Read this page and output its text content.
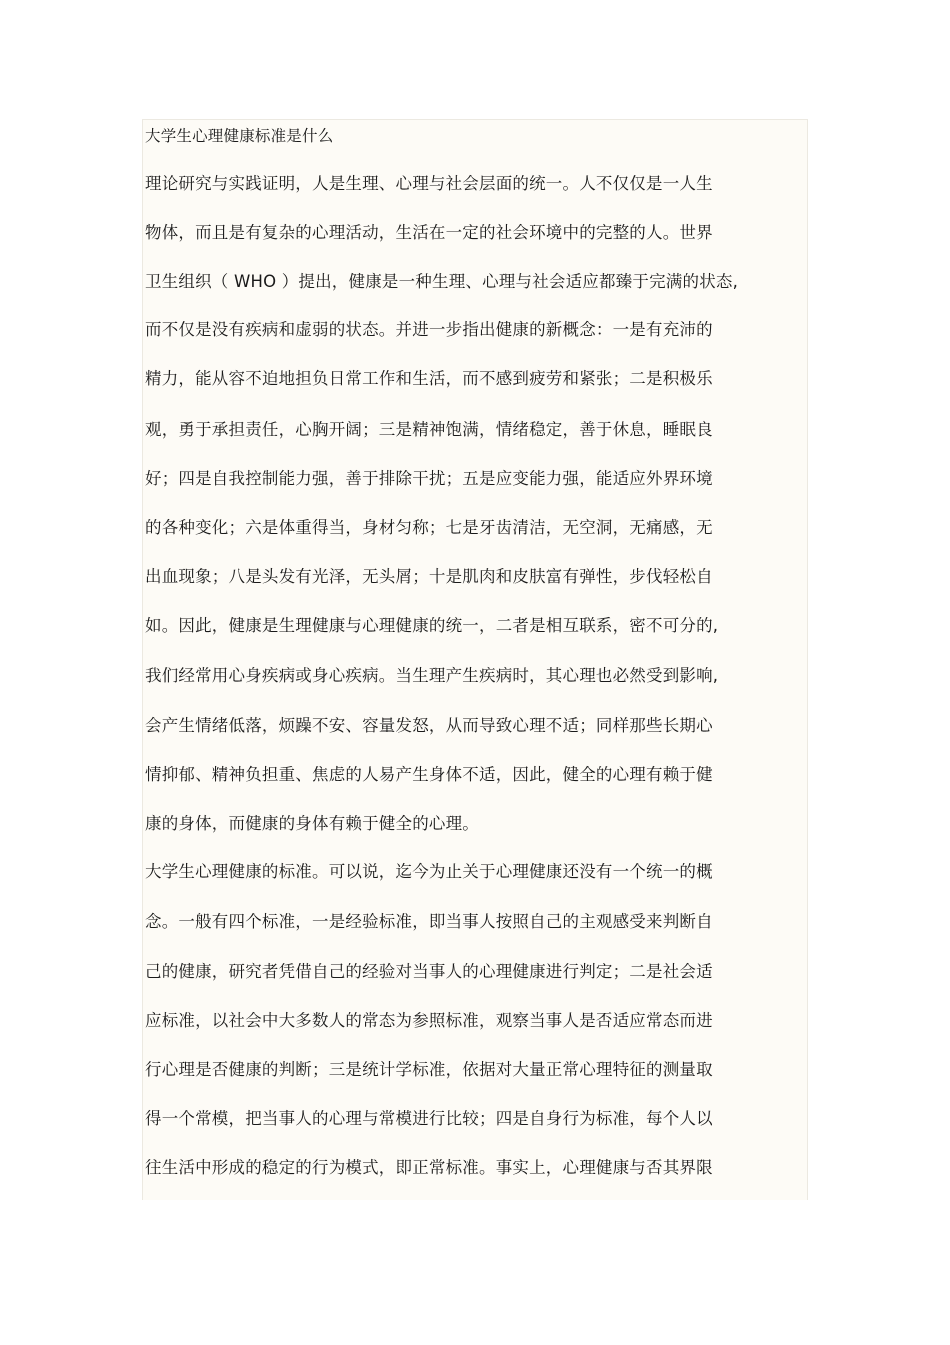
大学生心理健康标准是什么
理论研究与实践证明，人是生理、心理与社会层面的统一。人不仅仅是一人生
物体，而且是有复杂的心理活动，生活在一定的社会环境中的完整的人。世界
卫生组织（ WHO ）提出，健康是一种生理、心理与社会适应都臻于完满的状态,
而不仅是没有疾病和虚弱的状态。并进一步指出健康的新概念：一是有充沛的
精力，能从容不迫地担负日常工作和生活，而不感到疲劳和紧张；二是积极乐
观，勇于承担责任，心胸开阔；三是精神饱满，情绪稳定，善于休息，睡眠良
好；四是自我控制能力强，善于排除干扰；五是应变能力强，能适应外界环境
的各种变化；六是体重得当，身材匀称；七是牙齿清洁，无空洞，无痛感，无
出血现象；八是头发有光泽，无头屑；十是肌肉和皮肤富有弹性，步伐轻松自
如。因此，健康是生理健康与心理健康的统一，二者是相互联系，密不可分的,
我们经常用心身疾病或身心疾病。当生理产生疾病时，其心理也必然受到影响,
会产生情绪低落，烦躁不安、容量发怒，从而导致心理不适；同样那些长期心
情抑郁、精神负担重、焦虑的人易产生身体不适，因此，健全的心理有赖于健
康的身体，而健康的身体有赖于健全的心理。
大学生心理健康的标准。可以说，迄今为止关于心理健康还没有一个统一的概
念。一般有四个标准，一是经验标准，即当事人按照自己的主观感受来判断自
己的健康，研究者凭借自己的经验对当事人的心理健康进行判定；二是社会适
应标准，以社会中大多数人的常态为参照标准，观察当事人是否适应常态而进
行心理是否健康的判断；三是统计学标准，依据对大量正常心理特征的测量取
得一个常模，把当事人的心理与常模进行比较；四是自身行为标准，每个人以
往生活中形成的稳定的行为模式，即正常标准。事实上，心理健康与否其界限
